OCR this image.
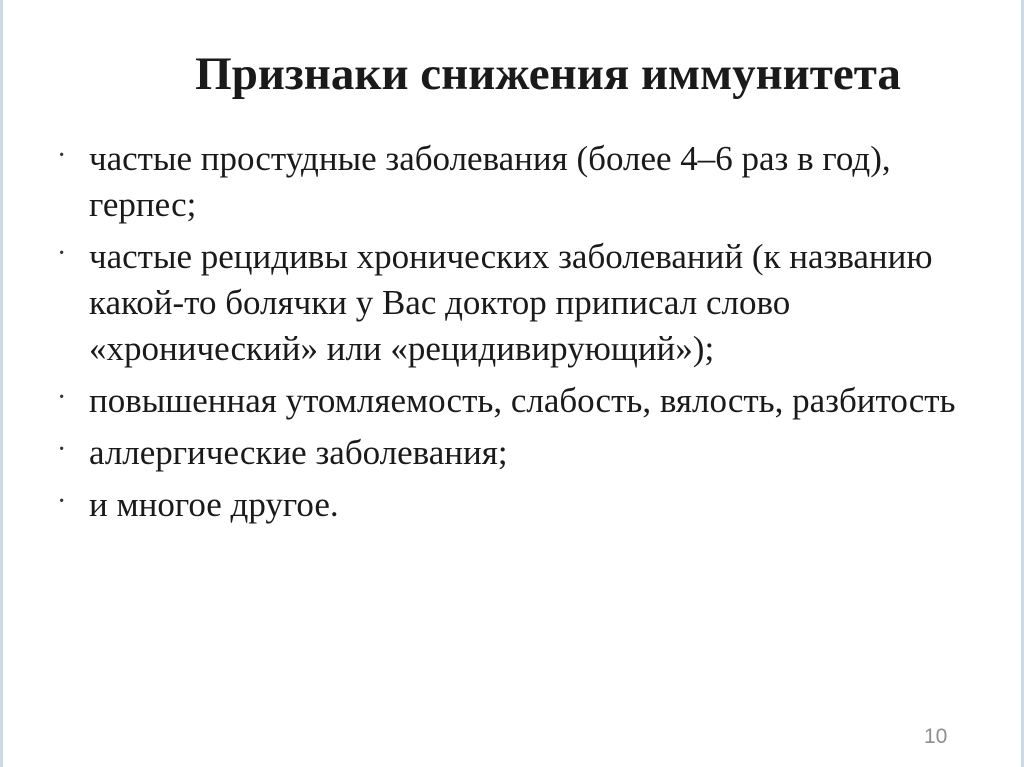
Признаки снижения иммунитета
· частые простудные заболевания (более 4–6 раз в год), герпес;
· частые рецидивы хронических заболеваний (к названию какой-то болячки у Вас доктор приписал слово «хронический» или «рецидивирующий»);
· повышенная утомляемость, слабость, вялость, разбитость
· аллергические заболевания;
· и многое другое.
10
